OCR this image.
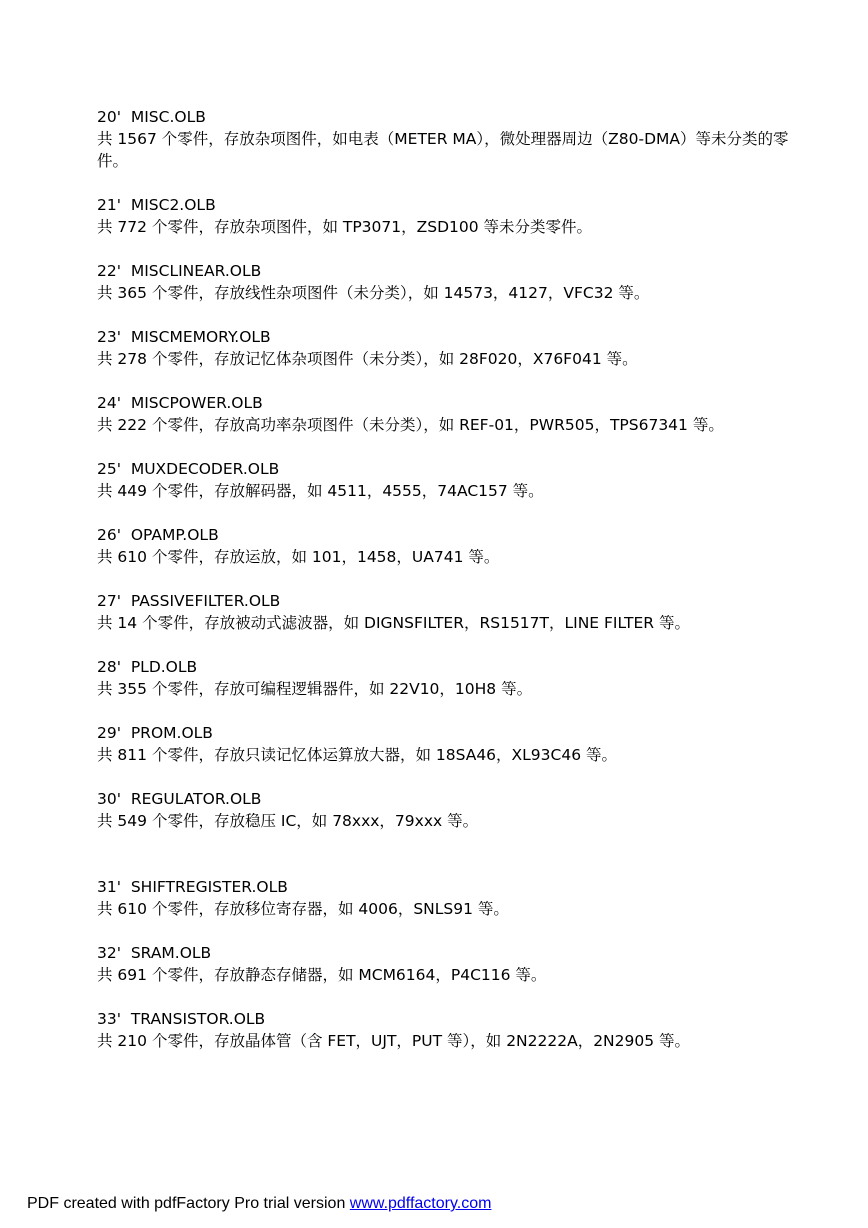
20'  MISC.OLB
共 1567 个零件，存放杂项图件，如电表（METER MA），微处理器周边（Z80-DMA）等未分类的零件。
21'  MISC2.OLB
共 772 个零件，存放杂项图件，如 TP3071，ZSD100 等未分类零件。
22'  MISCLINEAR.OLB
共 365 个零件，存放线性杂项图件（未分类），如 14573，4127，VFC32 等。
23'  MISCMEMORY.OLB
共 278 个零件，存放记忆体杂项图件（未分类），如 28F020，X76F041 等。
24'  MISCPOWER.OLB
共 222 个零件，存放高功率杂项图件（未分类），如 REF-01，PWR505，TPS67341 等。
25'  MUXDECODER.OLB
共 449 个零件，存放解码器，如 4511，4555，74AC157 等。
26'  OPAMP.OLB
共 610 个零件，存放运放，如 101，1458，UA741 等。
27'  PASSIVEFILTER.OLB
共 14 个零件，存放被动式滤波器，如 DIGNSFILTER，RS1517T，LINE FILTER 等。
28'  PLD.OLB
共 355 个零件，存放可编程逻辑器件，如 22V10，10H8 等。
29'  PROM.OLB
共 811 个零件，存放只读记忆体运算放大器，如 18SA46，XL93C46 等。
30'  REGULATOR.OLB
共 549 个零件，存放稳压 IC，如 78xxx，79xxx 等。
31'  SHIFTREGISTER.OLB
共 610 个零件，存放移位寄存器，如 4006，SNLS91 等。
32'  SRAM.OLB
共 691 个零件，存放静态存储器，如 MCM6164，P4C116 等。
33'  TRANSISTOR.OLB
共 210 个零件，存放晶体管（含 FET，UJT，PUT 等），如 2N2222A，2N2905 等。
PDF created with pdfFactory Pro trial version www.pdffactory.com
